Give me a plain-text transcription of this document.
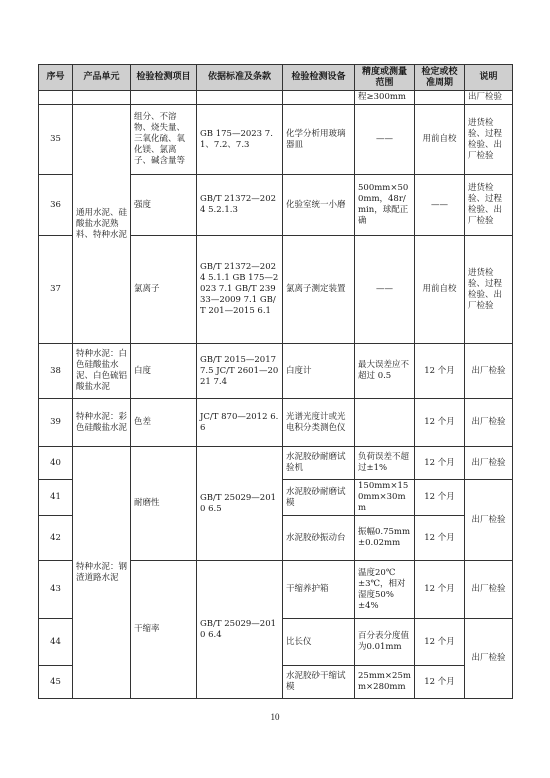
序号	产品单元	检验检测项目	依据标准及条款	检验检测设备	精度或测量范围	检定或校准周期	说明
					程≥300mm		出厂检验
35	通用水泥、硅酸盐水泥熟料、特种水泥	组分、不溶物、烧失量、三氧化硫、氧化镁、氯离子、碱含量等	GB 175—2023 7.1、7.2、7.3	化学分析用玻璃器皿	——	用前自校	进货检验、过程检验、出厂检验
36		强度	GB/T 21372—2024 5.2.1.3	化验室统一小磨	500mm×500mm，48r/min，球配正确	——	进货检验、过程检验、出厂检验
37		氯离子	GB/T 21372—2024 5.1.1 GB 175—2023 7.1 GB/T 23933—2009 7.1 GB/T 201—2015 6.1	氯离子测定装置	——	用前自校	进货检验、过程检验、出厂检验
38	特种水泥：白色硅酸盐水泥、白色硫铝酸盐水泥	白度	GB/T 2015—2017 7.5 JC/T 2601—2021 7.4	白度计	最大误差应不超过 0.5	12 个月	出厂检验
39	特种水泥：彩色硅酸盐水泥	色差	JC/T 870—2012 6.6	光谱光度计或光电积分类测色仪		12 个月	出厂检验
40	特种水泥：钢渣道路水泥	耐磨性	GB/T 25029—2010 6.5	水泥胶砂耐磨试验机	负荷误差不超过±1%	12 个月	出厂检验
41				水泥胶砂耐磨试模	150mm×150mm×30mm	12 个月	出厂检验
42				水泥胶砂振动台	振幅0.75mm±0.02mm	12 个月	
43		干缩率	GB/T 25029—2010 6.4	干缩养护箱	温度20℃±3℃，相对湿度50%±4%	12 个月	出厂检验
44				比长仪	百分表分度值为0.01mm	12 个月	出厂检验
45				水泥胶砂干缩试模	25mm×25mm×280mm	12 个月	
10
